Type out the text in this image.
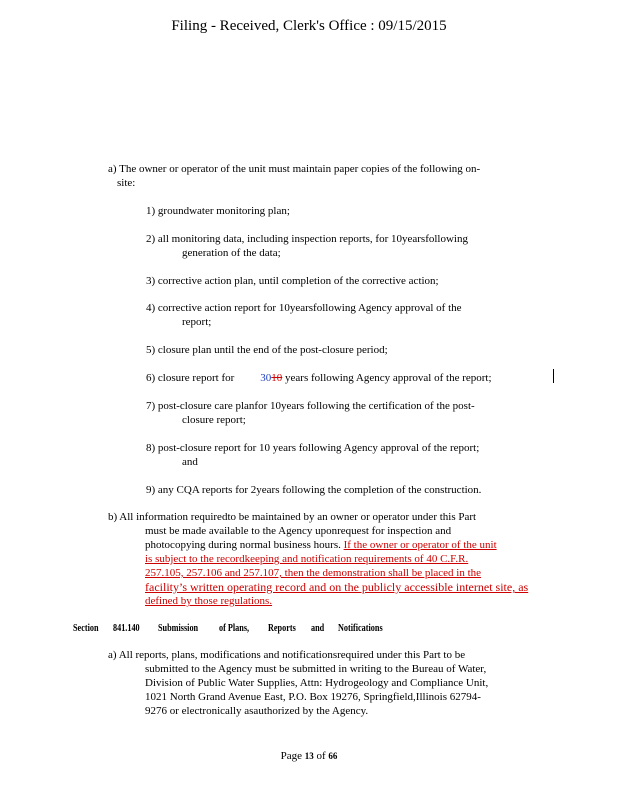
Filing - Received, Clerk's Office : 09/15/2015
a) The owner or operator of the unit must maintain paper copies of the following on-
site:
1) groundwater monitoring plan;
2) all monitoring data, including inspection reports, for 10yearsfollowing
generation of the data;
3) corrective action plan, until completion of the corrective action;
4) corrective action report for 10yearsfollowing Agency approval of the
report;
5) closure plan until the end of the post-closure period;
6) closure report for 3010 years following Agency approval of the report;
7) post-closure care planfor 10years following the certification of the post-
closure report;
8) post-closure report for 10 years following Agency approval of the report;
and
9) any CQA reports for 2years following the completion of the construction.
b) All information requiredto be maintained by an owner or operator under this Part
must be made available to the Agency uponrequest for inspection and
photocopying during normal business hours. If the owner or operator of the unit
is subject to the recordkeeping and notification requirements of 40 C.F.R.
257.105, 257.106 and 257.107, then the demonstration shall be placed in the
facility’s written operating record and on the publicly accessible internet site, as
defined by those regulations.
Section 841.140 Submission of Plans, Reports and Notifications
a) All reports, plans, modifications and notificationsrequired under this Part to be
submitted to the Agency must be submitted in writing to the Bureau of Water,
Division of Public Water Supplies, Attn: Hydrogeology and Compliance Unit,
1021 North Grand Avenue East, P.O. Box 19276, Springfield,Illinois 62794-
9276 or electronically asauthorized by the Agency.
Page 13 of 66
